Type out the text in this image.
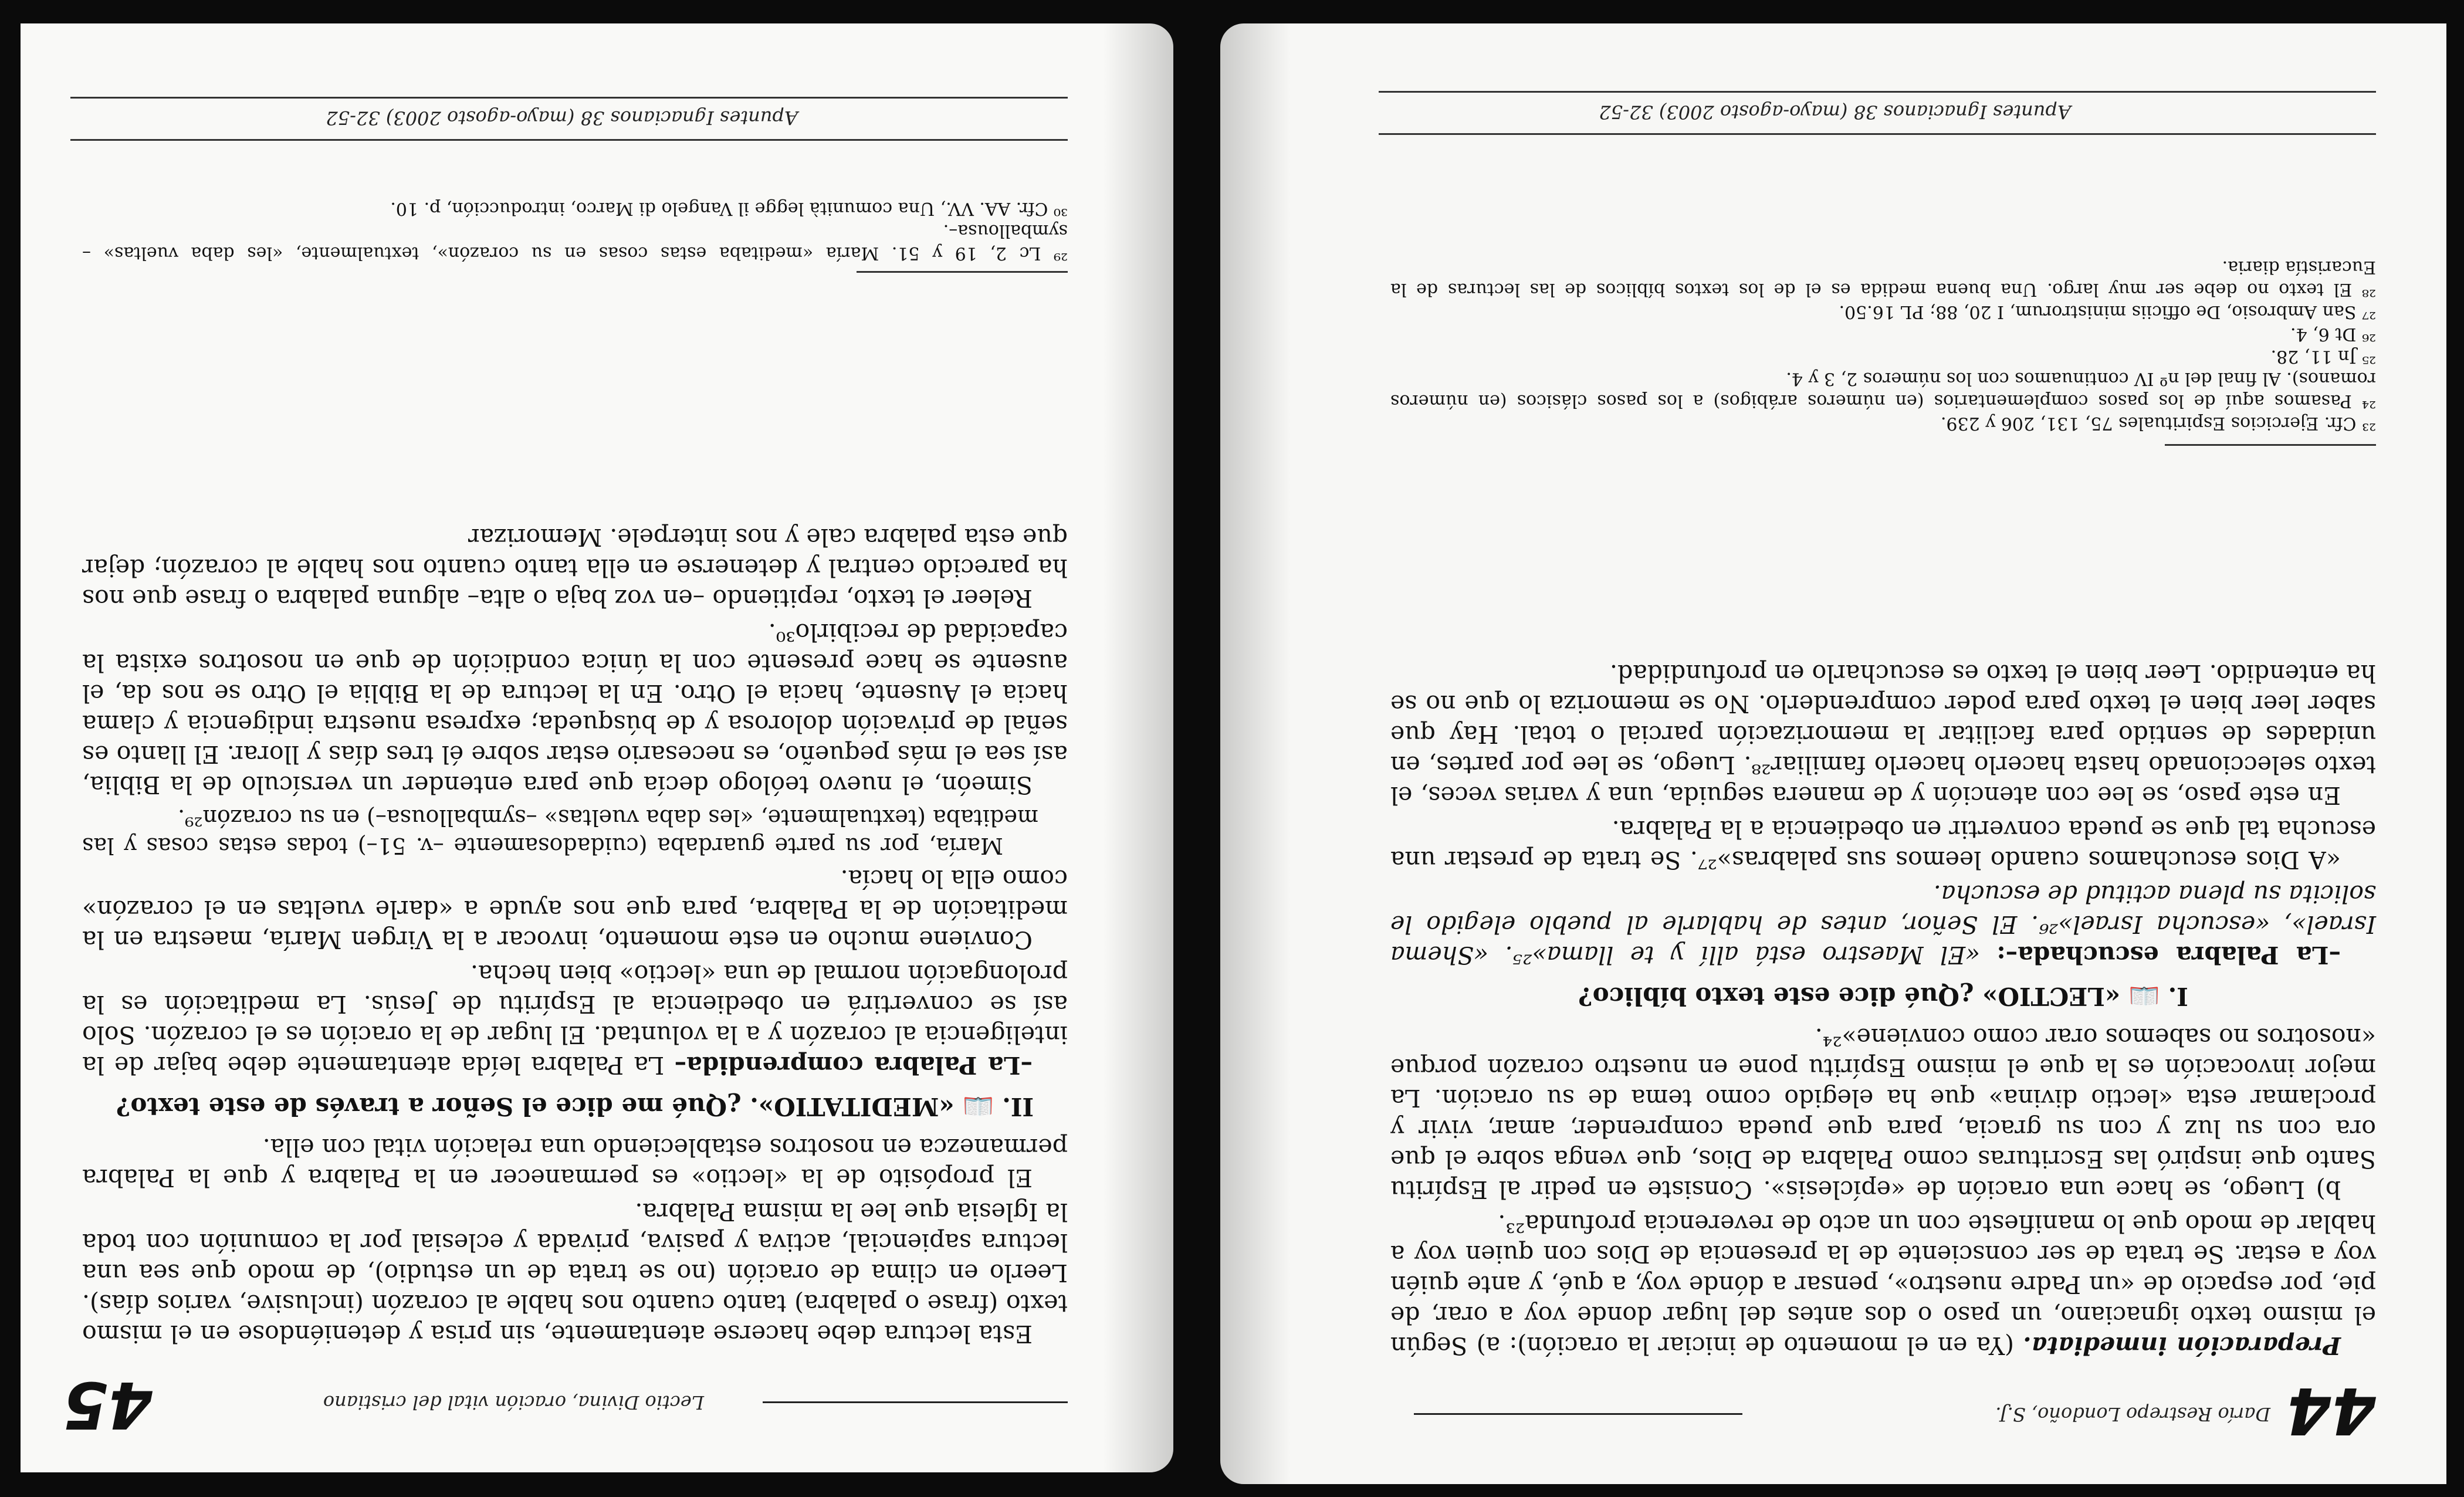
44
Darío Restrepo Londoño, S.J.

Preparación inmediata. (Ya en el momento de iniciar la oración): a) Según el mismo texto ignaciano, un paso o dos antes del lugar donde voy a orar, de pie, por espacio de «un Padre nuestro», pensar a dónde voy, a qué, y ante quién voy a estar. Se trata de ser consciente de la presencia de Dios con quien voy a hablar de modo que lo manifieste con un acto de reverencia profunda²³.

b) Luego, se hace una oración de «epíclesis». Consiste en pedir al Espíritu Santo que inspiró las Escrituras como Palabra de Dios, que venga sobre el que ora con su luz y con su gracia, para que pueda comprender, amar, vivir y proclamar esta «lectio divina» que ha elegido como tema de su oración. La mejor invocación es la que el mismo Espíritu pone en nuestro corazón porque «nosotros no sabemos orar como conviene»²⁴.

I. 📖 «LECTIO» ¿Qué dice este texto bíblico?

–La Palabra escuchada–: «El Maestro está allí y te llama»²⁵. «Shema Israel», «escucha Israel»²⁶. El Señor, antes de hablarle al pueblo elegido le solicita su plena actitud de escucha.

«A Dios escuchamos cuando leemos sus palabras»²⁷. Se trata de prestar una escucha tal que se pueda convertir en obediencia a la Palabra.

En este paso, se lee con atención y de manera seguida, una y varias veces, el texto seleccionado hasta hacerlo hacerlo familiar²⁸. Luego, se lee por partes, en unidades de sentido para facilitar la memorización parcial o total. Hay que saber leer bien el texto para poder comprenderlo. No se memoriza lo que no se ha entendido. Leer bien el texto es escucharlo en profundidad.

²³ Cfr. Ejercicios Espirituales 75, 131, 206 y 239.

²⁴ Pasamos aquí de los pasos complementarios (en números arábigos) a los pasos clásicos (en números romanos). Al final del nº IV continuamos con los números 2, 3 y 4.

²⁵ Jn 11, 28.

²⁶ Dt 6, 4.

²⁷ San Ambrosio, De officiis ministrorum, I 20, 88; PL 16.50.

²⁸ El texto no debe ser muy largo. Una buena medida es el de los textos bíblicos de las lecturas de la Eucaristía diaria.

Apuntes Ignacianos 38 (mayo-agosto 2003) 32-52
Lectio Divina, oración vital del cristiano
45

Esta lectura debe hacerse atentamente, sin prisa y deteniéndose en el mismo texto (frase o palabra) tanto cuanto nos hable al corazón (inclusive, varios días). Leerlo en clima de oración (no se trata de un estudio), de modo que sea una lectura sapiencial, activa y pasiva, privada y eclesial por la comunión con toda la Iglesia que lee la misma Palabra.

El propósito de la «lectio» es permanecer en la Palabra y que la Palabra permanezca en nosotros estableciendo una relación vital con ella.

II. 📖 «MEDITATIO». ¿Qué me dice el Señor a través de este texto?

–La Palabra comprendida– La Palabra leída atentamente debe bajar de la inteligencia al corazón y a la voluntad. El lugar de la oración es el corazón. Solo así se convertirá en obediencia al Espíritu de Jesús. La meditación es la prolongación normal de una «lectio» bien hecha.

Conviene mucho en este momento, invocar a la Virgen María, maestra en la meditación de la Palabra, para que nos ayude a «darle vueltas en el corazón» como ella lo hacía.

María, por su parte guardaba (cuidadosamente –v. 51–) todas estas cosas y las meditaba (textualmente, «les daba vueltas» –symballousa–) en su corazón²⁹.

Simeón, el nuevo teólogo decía que para entender un versículo de la Biblia, así sea el más pequeño, es necesario estar sobre él tres días y llorar. El llanto es señal de privación dolorosa y de búsqueda; expresa nuestra indigencia y clama hacia el Ausente, hacia el Otro. En la lectura de la Biblia el Otro se nos da, el ausente se hace presente con la única condición de que en nosotros exista la capacidad de recibirlo³⁰.

Releer el texto, repitiendo –en voz baja o alta– alguna palabra o frase que nos ha parecido central y detenerse en ella tanto cuanto nos hable al corazón; dejar que esta palabra cale y nos interpele. Memorizar

²⁹ Lc 2, 19 y 51. María «meditaba estas cosas en su corazón», textualmente, «les daba vueltas» –symballousa–.

³⁰ Cfr. AA. VV., Una comunità legge il Vangelo di Marco, introducción, p. 10.

Apuntes Ignacianos 38 (mayo-agosto 2003) 32-52
